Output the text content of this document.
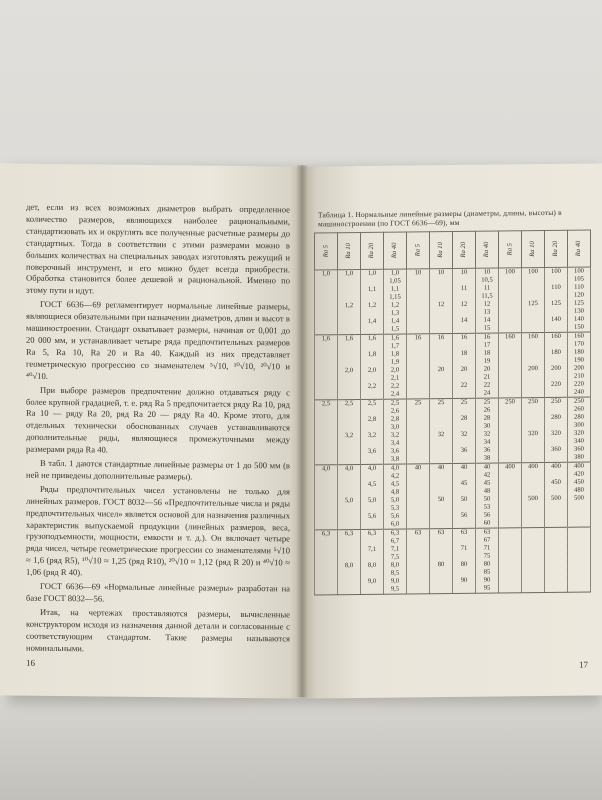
дет, если из всех возможных диаметров выбрать определенное количество размеров, являющихся наиболее рациональными, стандартизовать их и округлять все полученные расчетные размеры до стандартных. Тогда в соответствии с этими размерами можно в больших количествах на специальных заводах изготовлять режущий и поверочный инструмент, и его можно будет всегда приобрести. Обработка становится более дешевой и рациональной. Именно по этому пути и идут.

ГОСТ 6636—69 регламентирует нормальные линейные размеры, являющиеся обязательными при назначении диаметров, длин и высот в машиностроении. Стандарт охватывает размеры, начиная от 0,001 до 20 000 мм, и устанавливает четыре ряда предпочтительных размеров Ra 5, Ra 10, Ra 20 и Ra 40. Каждый из них представляет геометрическую прогрессию со знаменателем ⁵√10, ¹⁰√10, ²⁰√10 и ⁴⁰√10.

При выборе размеров предпочтение должно отдаваться ряду с более крупной градацией, т. е. ряд Ra 5 предпочитается ряду Ra 10, ряд Ra 10 — ряду Ra 20, ряд Ra 20 — ряду Ra 40. Кроме этого, для отдельных технически обоснованных случаев устанавливаются дополнительные ряды, являющиеся промежуточными между размерами ряда Ra 40.

В табл. 1 даются стандартные линейные размеры от 1 до 500 мм (в ней не приведены дополнительные размеры).

Ряды предпочтительных чисел установлены не только для линейных размеров. ГОСТ 8032—56 «Предпочтительные числа и ряды предпочтительных чисел» является основой для назначения различных характеристик выпускаемой продукции (линейных размеров, веса, грузоподъемности, мощности, емкости и т. д.). Он включает четыре ряда чисел, четыре геометрические прогрессии со знаменателями ⁵√10 ≈ 1,6 (ряд R5), ¹⁰√10 ≈ 1,25 (ряд R10), ²⁰√10 ≈ 1,12 (ряд R 20) и ⁴⁰√10 ≈ 1,06 (ряд R 40).

ГОСТ 6636—69 «Нормальные линейные размеры» разработан на базе ГОСТ 8032—56.

Итак, на чертежах проставляются размеры, вычисленные конструктором исходя из назначения данной детали и согласованные с соответствующим стандартом. Такие размеры называются номинальными.

16
Таблица 1. Нормальные линейные размеры (диаметры, длины, высоты) в машиностроении (по ГОСТ 6636—69), мм
Ra 5	Ra 10	Ra 20	Ra 40	Ra 5	Ra 10	Ra 20	Ra 40	Ra 5	Ra 10	Ra 20	Ra 40
1,0	1,0	1,0	1,0	10	10	10	10	100	100	100	100
			1,05				10,5				105
		1,1	1,1			11	11			110	110
			1,15				11,5				120
	1,2	1,2	1,2		12	12	12		125	125	125
			1,3				13				130
		1,4	1,4			14	14			140	140
			1,5				15				150
1,6	1,6	1,6	1,6	16	16	16	16	160	160	160	160
			1,7				17				170
		1,8	1,8			18	18			180	180
			1,9				19				190
	2,0	2,0	2,0		20	20	20		200	200	200
			2,1				21				210
		2,2	2,2			22	22			220	220
			2,4				24				240
2,5	2,5	2,5	2,5	25	25	25	25	250	250	250	250
			2,6				26				260
		2,8	2,8			28	28			280	280
			3,0				30				300
	3,2	3,2	3,2		32	32	32		320	320	320
			3,4				34				340
		3,6	3,6			36	36			360	360
			3,8				38				380
4,0	4,0	4,0	4,0	40	40	40	40	400	400	400	400
			4,2				42				420
		4,5	4,5			45	45			450	450
			4,8				48				480
	5,0	5,0	5,0		50	50	50		500	500	500
			5,3				53				
		5,6	5,6			56	56				
			6,0				60				
6,3	6,3	6,3	6,3	63	63	63	63				
			6,7				67				
		7,1	7,1			71	71				
			7,5				75				
	8,0	8,0	8,0		80	80	80				
			8,5				85				
		9,0	9,0			90	90				
			9,5				95				
17
